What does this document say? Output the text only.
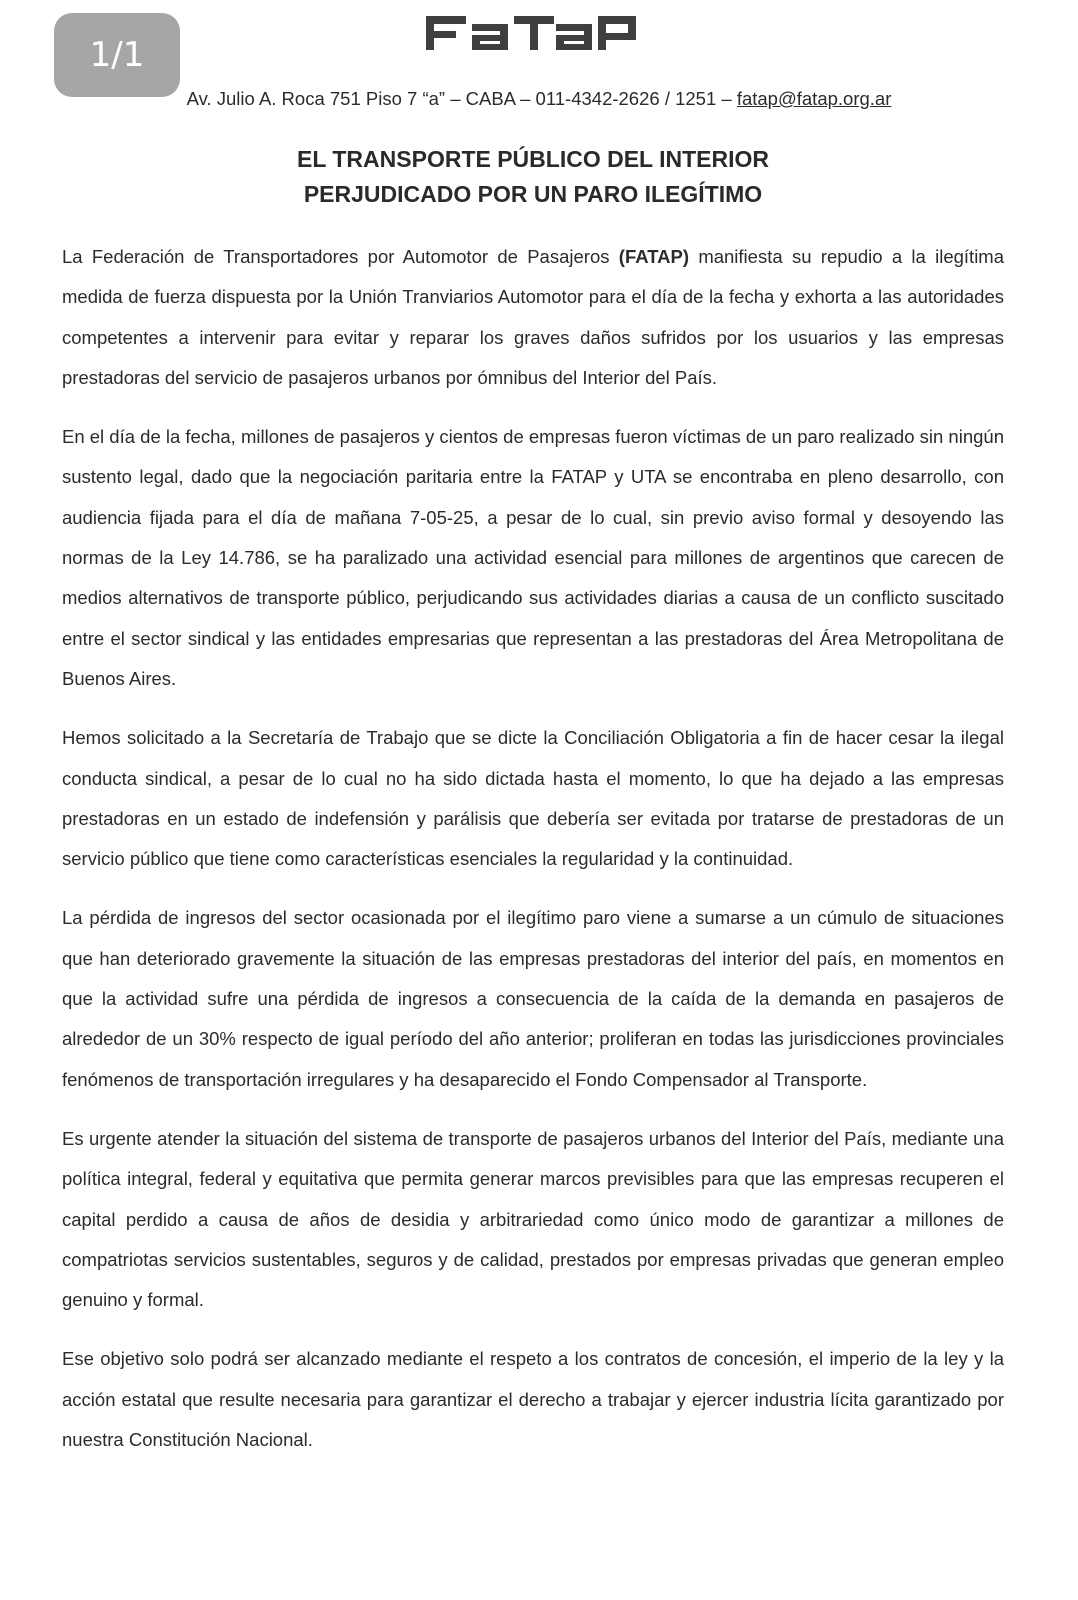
1/1
Av. Julio A. Roca 751 Piso 7 “a” – CABA – 011-4342-2626 / 1251 – fatap@fatap.org.ar
EL TRANSPORTE PÚBLICO DEL INTERIOR
PERJUDICADO POR UN PARO ILEGÍTIMO

La Federación de Transportadores por Automotor de Pasajeros (FATAP) manifiesta su repudio a la ilegítima medida de fuerza dispuesta por la Unión Tranviarios Automotor para el día de la fecha y exhorta a las autoridades competentes a intervenir para evitar y reparar los graves daños sufridos por los usuarios y las empresas prestadoras del servicio de pasajeros urbanos por ómnibus del Interior del País.

En el día de la fecha, millones de pasajeros y cientos de empresas fueron víctimas de un paro realizado sin ningún sustento legal, dado que la negociación paritaria entre la FATAP y UTA se encontraba en pleno desarrollo, con audiencia fijada para el día de mañana 7-05-25, a pesar de lo cual, sin previo aviso formal y desoyendo las normas de la Ley 14.786, se ha paralizado una actividad esencial para millones de argentinos que carecen de medios alternativos de transporte público, perjudicando sus actividades diarias a causa de un conflicto suscitado entre el sector sindical y las entidades empresarias que representan a las prestadoras del Área Metropolitana de Buenos Aires.

Hemos solicitado a la Secretaría de Trabajo que se dicte la Conciliación Obligatoria a fin de hacer cesar la ilegal conducta sindical, a pesar de lo cual no ha sido dictada hasta el momento, lo que ha dejado a las empresas prestadoras en un estado de indefensión y parálisis que debería ser evitada por tratarse de prestadoras de un servicio público que tiene como características esenciales la regularidad y la continuidad.

La pérdida de ingresos del sector ocasionada por el ilegítimo paro viene a sumarse a un cúmulo de situaciones que han deteriorado gravemente la situación de las empresas prestadoras del interior del país, en momentos en que la actividad sufre una pérdida de ingresos a consecuencia de la caída de la demanda en pasajeros de alrededor de un 30% respecto de igual período del año anterior; proliferan en todas las jurisdicciones provinciales fenómenos de transportación irregulares y ha desaparecido el Fondo Compensador al Transporte.

Es urgente atender la situación del sistema de transporte de pasajeros urbanos del Interior del País, mediante una política integral, federal y equitativa que permita generar marcos previsibles para que las empresas recuperen el capital perdido a causa de años de desidia y arbitrariedad como único modo de garantizar a millones de compatriotas servicios sustentables, seguros y de calidad, prestados por empresas privadas que generan empleo genuino y formal.

Ese objetivo solo podrá ser alcanzado mediante el respeto a los contratos de concesión, el imperio de la ley y la acción estatal que resulte necesaria para garantizar el derecho a trabajar y ejercer industria lícita garantizado por nuestra Constitución Nacional.
